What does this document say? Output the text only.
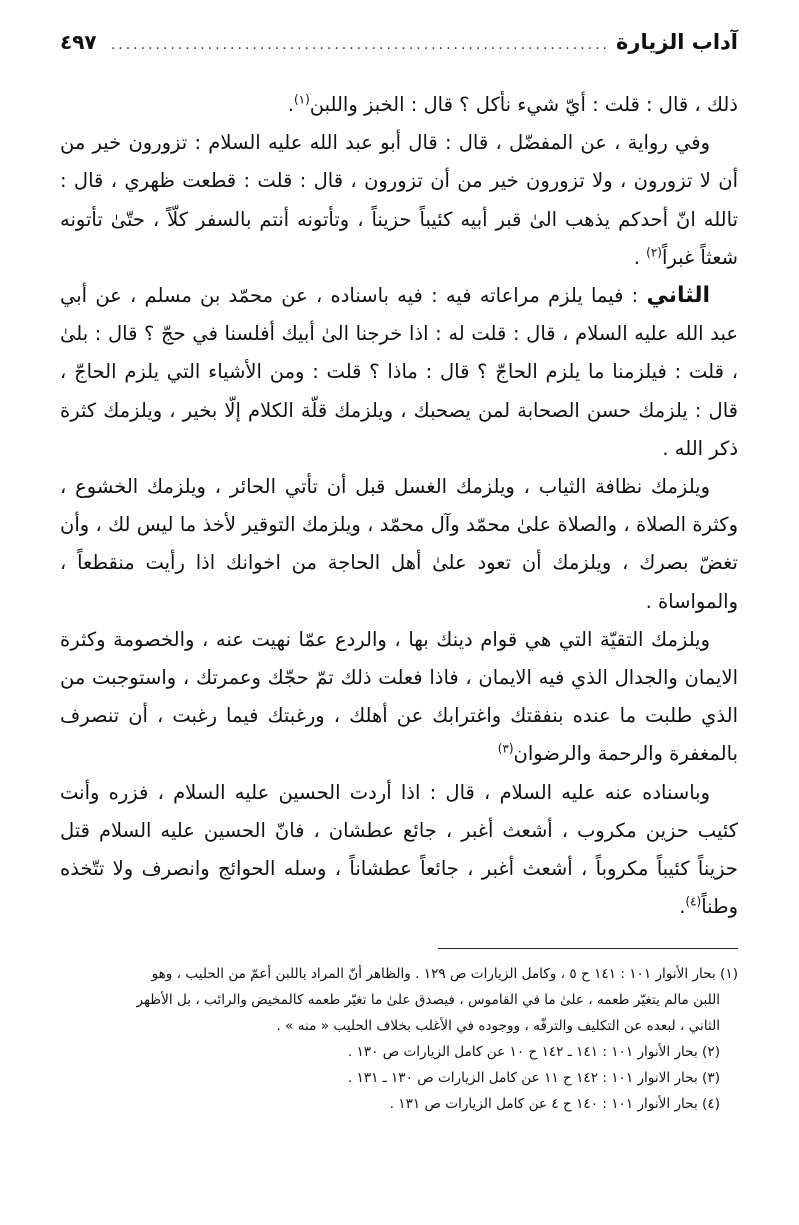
آداب الزيارة
...................................................................
٤٩٧

ذلك ، قال : قلت : أيّ شيء نأكل ؟ قال : الخبز واللبن$^{(١)}$.

وفي رواية ، عن المفضّل ، قال : قال أبو عبد الله عليه السلام : تزورون خير من أن لا تزورون ، ولا تزورون خير من أن تزورون ، قال : قلت : قطعت ظهري ، قال : تالله انّ أحدكم يذهب الىٰ قبر أبيه كئيباً حزيناً ، وتأتونه أنتم بالسفر كلّاً ، حتّىٰ تأتونه شعثاً غبراً$^{(٢)}$ .

الثاني : فيما يلزم مراعاته فيه : فيه باسناده ، عن محمّد بن مسلم ، عن أبي عبد الله عليه السلام ، قال : قلت له : اذا خرجنا الىٰ أبيك أفلسنا في حجّ ؟ قال : بلىٰ ، قلت : فيلزمنا ما يلزم الحاجّ ؟ قال : ماذا ؟ قلت : ومن الأشياء التي يلزم الحاجّ ، قال : يلزمك حسن الصحابة لمن يصحبك ، ويلزمك قلّة الكلام إلّا بخير ، ويلزمك كثرة ذكر الله .

ويلزمك نظافة الثياب ، ويلزمك الغسل قبل أن تأتي الحائر ، ويلزمك الخشوع ، وكثرة الصلاة ، والصلاة علىٰ محمّد وآل محمّد ، ويلزمك التوقير لأخذ ما ليس لك ، وأن تغضّ بصرك ، ويلزمك أن تعود علىٰ أهل الحاجة من اخوانك اذا رأيت منقطعاً ، والمواساة .

ويلزمك التقيّة التي هي قوام دينك بها ، والردع عمّا نهيت عنه ، والخصومة وكثرة الايمان والجدال الذي فيه الايمان ، فاذا فعلت ذلك تمّ حجّك وعمرتك ، واستوجبت من الذي طلبت ما عنده بنفقتك واغترابك عن أهلك ، ورغبتك فيما رغبت ، أن تنصرف بالمغفرة والرحمة والرضوان$^{(٣)}$

وباسناده عنه عليه السلام ، قال : اذا أردت الحسين عليه السلام ، فزره وأنت كئيب حزين مكروب ، أشعث أغبر ، جائع عطشان ، فانّ الحسين عليه السلام قتل حزيناً كئيباً مكروباً ، أشعث أغبر ، جائعاً عطشاناً ، وسله الحوائج وانصرف ولا تتّخذه وطناً$^{(٤)}$.

(١) بحار الأنوار ١٠١ : ١٤١ ح ٥ ، وكامل الزيارات ص ١٢٩ . والظاهر أنّ المراد باللبن أعمّ من الحليب ، وهو

اللبن مالم يتغيّر طعمه ، علىٰ ما في القاموس ، فيصدق علىٰ ما تغيّر طعمه كالمخيض والرائب ، بل الأظهر

الثاني ، لبعده عن التكليف والترفّه ، ووجوده في الأغلب بخلاف الحليب « منه » .

(٢) بحار الأنوار ١٠١ : ١٤١ ـ ١٤٢ ح ١٠ عن كامل الزيارات ص ١٣٠ .

(٣) بحار الانوار ١٠١ : ١٤٢ ح ١١ عن كامل الزيارات ص ١٣٠ ـ ١٣١ .

(٤) بحار الأنوار ١٠١ : ١٤٠ ح ٤ عن كامل الزيارات ص ١٣١ .
